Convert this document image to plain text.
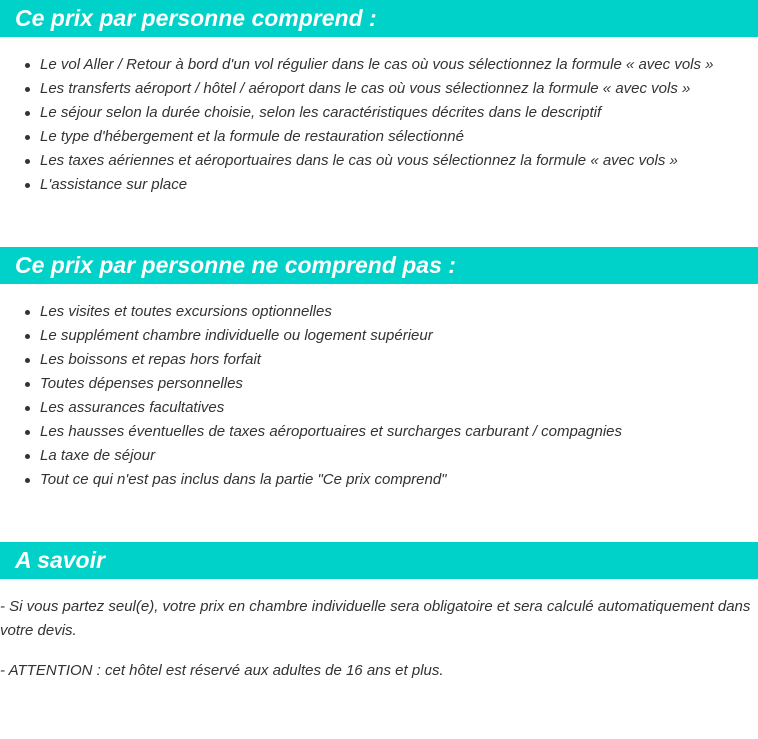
Ce prix par personne comprend :
Le vol Aller / Retour à bord d'un vol régulier dans le cas où vous sélectionnez la formule « avec vols »
Les transferts aéroport / hôtel / aéroport dans le cas où vous sélectionnez la formule « avec vols »
Le séjour selon la durée choisie, selon les caractéristiques décrites dans le descriptif
Le type d'hébergement et la formule de restauration sélectionné
Les taxes aériennes et aéroportuaires dans le cas où vous sélectionnez la formule « avec vols »
L'assistance sur place
Ce prix par personne ne comprend pas :
Les visites et toutes excursions optionnelles
Le supplément chambre individuelle ou logement supérieur
Les boissons et repas hors forfait
Toutes dépenses personnelles
Les assurances facultatives
Les hausses éventuelles de taxes aéroportuaires et surcharges carburant / compagnies
La taxe de séjour
Tout ce qui n'est pas inclus dans la partie "Ce prix comprend"
A savoir
- Si vous partez seul(e), votre prix en chambre individuelle sera obligatoire et sera calculé automatiquement dans votre devis.
- ATTENTION : cet hôtel est réservé aux adultes de 16 ans et plus.
